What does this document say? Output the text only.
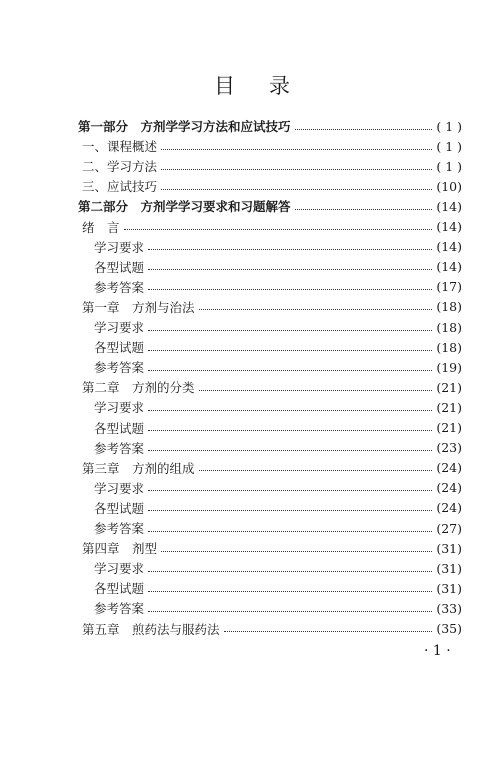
目 录
第一部分　方剂学学习方法和应试技巧	( 1 )
一、课程概述	( 1 )
二、学习方法	( 1 )
三、应试技巧	(10)
第二部分　方剂学学习要求和习题解答	(14)
绪　言	(14)
学习要求	(14)
各型试题	(14)
参考答案	(17)
第一章　方剂与治法	(18)
学习要求	(18)
各型试题	(18)
参考答案	(19)
第二章　方剂的分类	(21)
学习要求	(21)
各型试题	(21)
参考答案	(23)
第三章　方剂的组成	(24)
学习要求	(24)
各型试题	(24)
参考答案	(27)
第四章　剂型	(31)
学习要求	(31)
各型试题	(31)
参考答案	(33)
第五章　煎药法与服药法	(35)
· 1 ·
